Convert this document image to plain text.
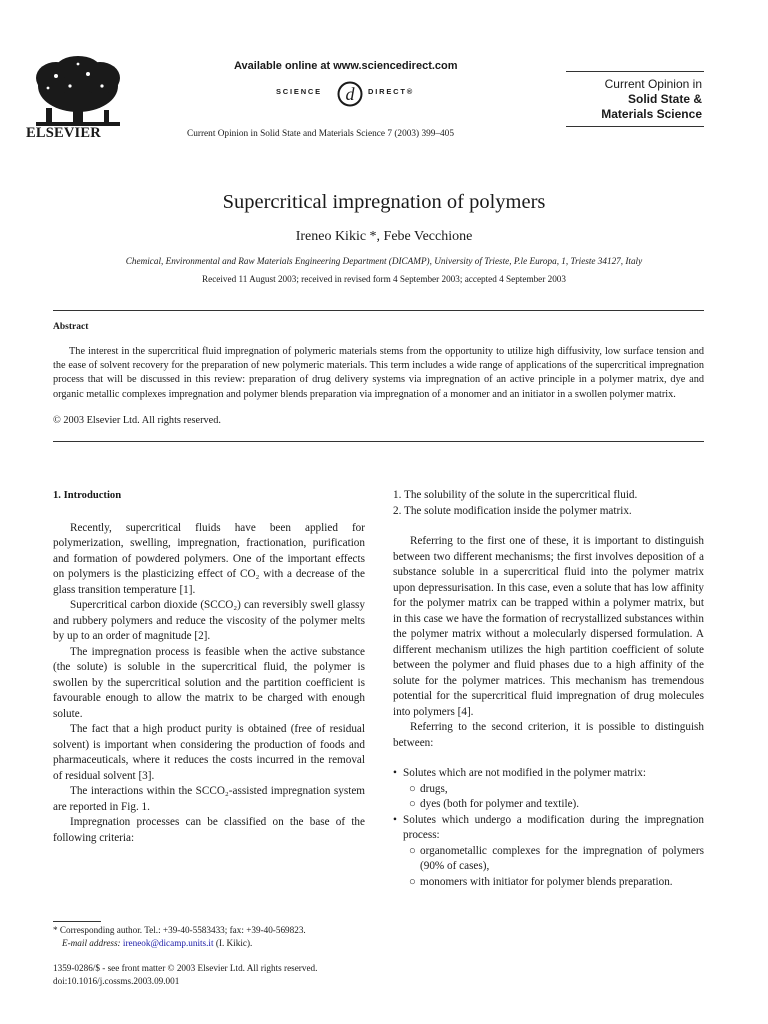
ELSEVIER
Available online at www.sciencedirect.com
SCIENCE d DIRECT®
Current Opinion in Solid State and Materials Science 7 (2003) 399–405
Current Opinion in
Solid State &
Materials Science
Supercritical impregnation of polymers
Ireneo Kikic *, Febe Vecchione
Chemical, Environmental and Raw Materials Engineering Department (DICAMP), University of Trieste, P.le Europa, 1, Trieste 34127, Italy
Received 11 August 2003; received in revised form 4 September 2003; accepted 4 September 2003
Abstract
The interest in the supercritical fluid impregnation of polymeric materials stems from the opportunity to utilize high diffusivity, low surface tension and the ease of solvent recovery for the preparation of new polymeric materials. This term includes a wide range of applications of the supercritical impregnation process that will be discussed in this review: preparation of drug delivery systems via impregnation of an active principle in a polymer matrix, dye and organic metallic complexes impregnation and polymer blends preparation via impregnation of a monomer and an initiator in a swollen polymer matrix.
© 2003 Elsevier Ltd. All rights reserved.
1. Introduction

Recently, supercritical fluids have been applied for polymerization, swelling, impregnation, fractionation, purification and formation of powdered polymers. One of the important effects on polymers is the plasticizing effect of CO₂ with a decrease of the glass transition temperature [1].

Supercritical carbon dioxide (SCCO₂) can reversibly swell glassy and rubbery polymers and reduce the viscosity of the polymer melts by up to an order of magnitude [2].

The impregnation process is feasible when the active substance (the solute) is soluble in the supercritical fluid, the polymer is swollen by the supercritical solution and the partition coefficient is favourable enough to allow the matrix to be charged with enough solute.

The fact that a high product purity is obtained (free of residual solvent) is important when considering the production of foods and pharmaceuticals, where it reduces the costs incurred in the removal of residual solvent [3].

The interactions within the SCCO₂-assisted impregnation system are reported in Fig. 1.

Impregnation processes can be classified on the base of the following criteria:

1. The solubility of the solute in the supercritical fluid.
2. The solute modification inside the polymer matrix.

Referring to the first one of these, it is important to distinguish between two different mechanisms; the first involves deposition of a substance soluble in a supercritical fluid into the polymer matrix upon depressurisation. In this case, even a solute that has low affinity for the polymer matrix can be trapped within a polymer matrix, but in this case we have the formation of recrystallized substances within the polymer matrix without a molecularly dispersed formulation. A different mechanism utilizes the high partition coefficient of solute between the polymer and fluid phases due to a high affinity of the solute for the polymer matrices. This mechanism has tremendous potential for the supercritical fluid impregnation of drug molecules into polymers [4].

Referring to the second criterion, it is possible to distinguish between:

• Solutes which are not modified in the polymer matrix:
○ drugs,
○ dyes (both for polymer and textile).
• Solutes which undergo a modification during the impregnation process:
○ organometallic complexes for the impregnation of polymers (90% of cases),
○ monomers with initiator for polymer blends preparation.
* Corresponding author. Tel.: +39-40-5583433; fax: +39-40-569823.
E-mail address: ireneok@dicamp.units.it (I. Kikic).
1359-0286/$ - see front matter © 2003 Elsevier Ltd. All rights reserved.
doi:10.1016/j.cossms.2003.09.001
